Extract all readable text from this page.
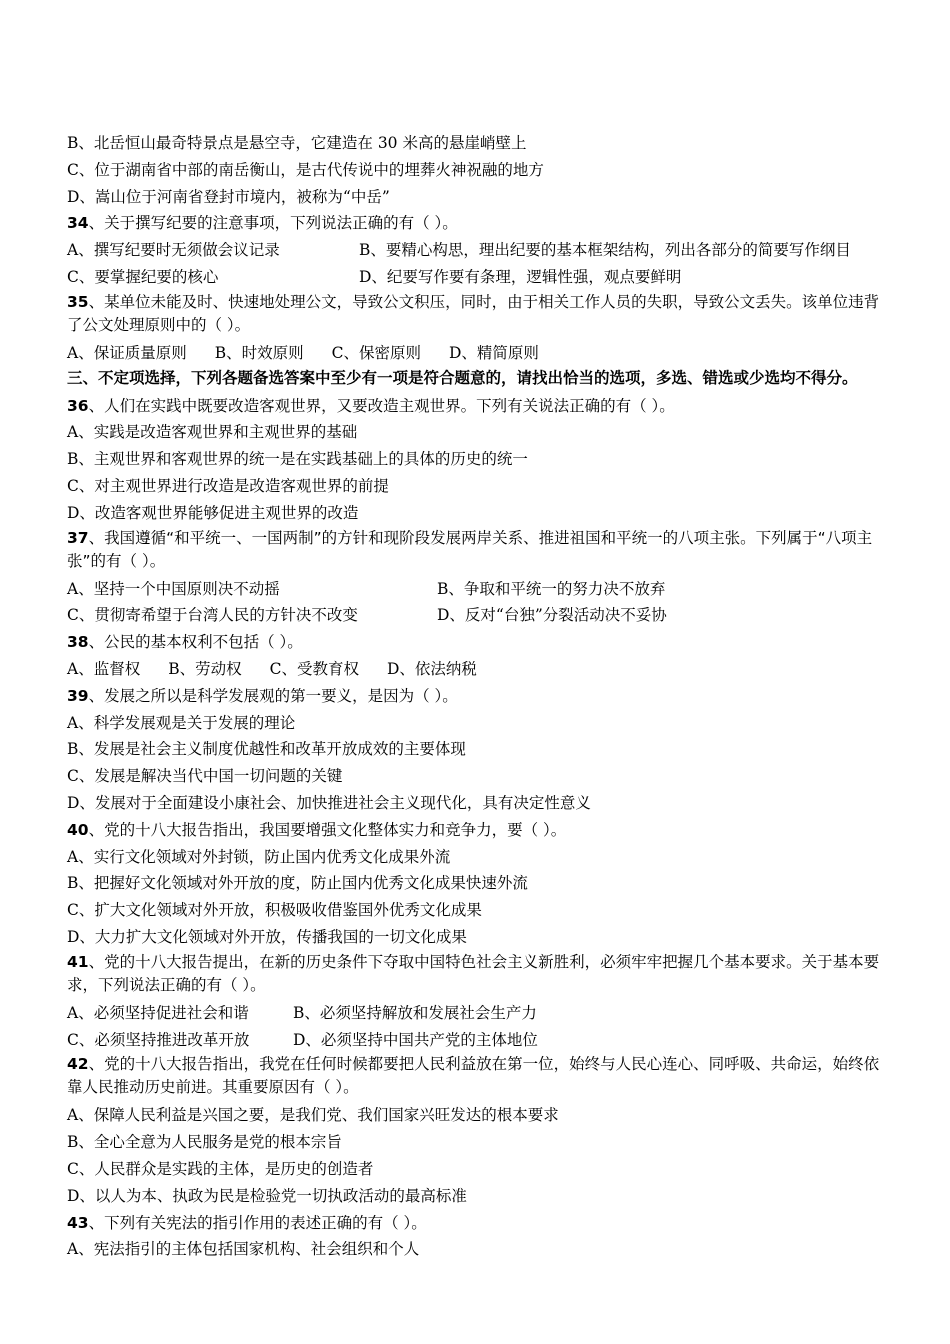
B、北岳恒山最奇特景点是悬空寺，它建造在 30 米高的悬崖峭壁上
C、位于湖南省中部的南岳衡山，是古代传说中的埋葬火神祝融的地方
D、嵩山位于河南省登封市境内，被称为“中岳”
34、关于撰写纪要的注意事项，下列说法正确的有（ ）。
A、撰写纪要时无须做会议记录	B、要精心构思，理出纪要的基本框架结构，列出各部分的简要写作纲目
C、要掌握纪要的核心	D、纪要写作要有条理，逻辑性强，观点要鲜明
35、某单位未能及时、快速地处理公文，导致公文积压，同时，由于相关工作人员的失职，导致公文丢失。该单位违背了公文处理原则中的（ ）。
A、保证质量原则 B、时效原则 C、保密原则 D、精简原则
三、不定项选择，下列各题备选答案中至少有一项是符合题意的，请找出恰当的选项，多选、错选或少选均不得分。
36、人们在实践中既要改造客观世界，又要改造主观世界。下列有关说法正确的有（ ）。
A、实践是改造客观世界和主观世界的基础
B、主观世界和客观世界的统一是在实践基础上的具体的历史的统一
C、对主观世界进行改造是改造客观世界的前提
D、改造客观世界能够促进主观世界的改造
37、我国遵循“和平统一、一国两制”的方针和现阶段发展两岸关系、推进祖国和平统一的八项主张。下列属于“八项主张”的有（ ）。
A、坚持一个中国原则决不动摇	B、争取和平统一的努力决不放弃
C、贯彻寄希望于台湾人民的方针决不改变	D、反对“台独”分裂活动决不妥协
38、公民的基本权利不包括（ ）。
A、监督权 B、劳动权 C、受教育权 D、依法纳税
39、发展之所以是科学发展观的第一要义，是因为（ ）。
A、科学发展观是关于发展的理论
B、发展是社会主义制度优越性和改革开放成效的主要体现
C、发展是解决当代中国一切问题的关键
D、发展对于全面建设小康社会、加快推进社会主义现代化，具有决定性意义
40、党的十八大报告指出，我国要增强文化整体实力和竞争力，要（ ）。
A、实行文化领域对外封锁，防止国内优秀文化成果外流
B、把握好文化领域对外开放的度，防止国内优秀文化成果快速外流
C、扩大文化领域对外开放，积极吸收借鉴国外优秀文化成果
D、大力扩大文化领域对外开放，传播我国的一切文化成果
41、党的十八大报告提出，在新的历史条件下夺取中国特色社会主义新胜利，必须牢牢把握几个基本要求。关于基本要求，下列说法正确的有（ ）。
A、必须坚持促进社会和谐	B、必须坚持解放和发展社会生产力
C、必须坚持推进改革开放	D、必须坚持中国共产党的主体地位
42、党的十八大报告指出，我党在任何时候都要把人民利益放在第一位，始终与人民心连心、同呼吸、共命运，始终依靠人民推动历史前进。其重要原因有（ ）。
A、保障人民利益是兴国之要，是我们党、我们国家兴旺发达的根本要求
B、全心全意为人民服务是党的根本宗旨
C、人民群众是实践的主体，是历史的创造者
D、以人为本、执政为民是检验党一切执政活动的最高标准
43、下列有关宪法的指引作用的表述正确的有（ ）。
A、宪法指引的主体包括国家机构、社会组织和个人
